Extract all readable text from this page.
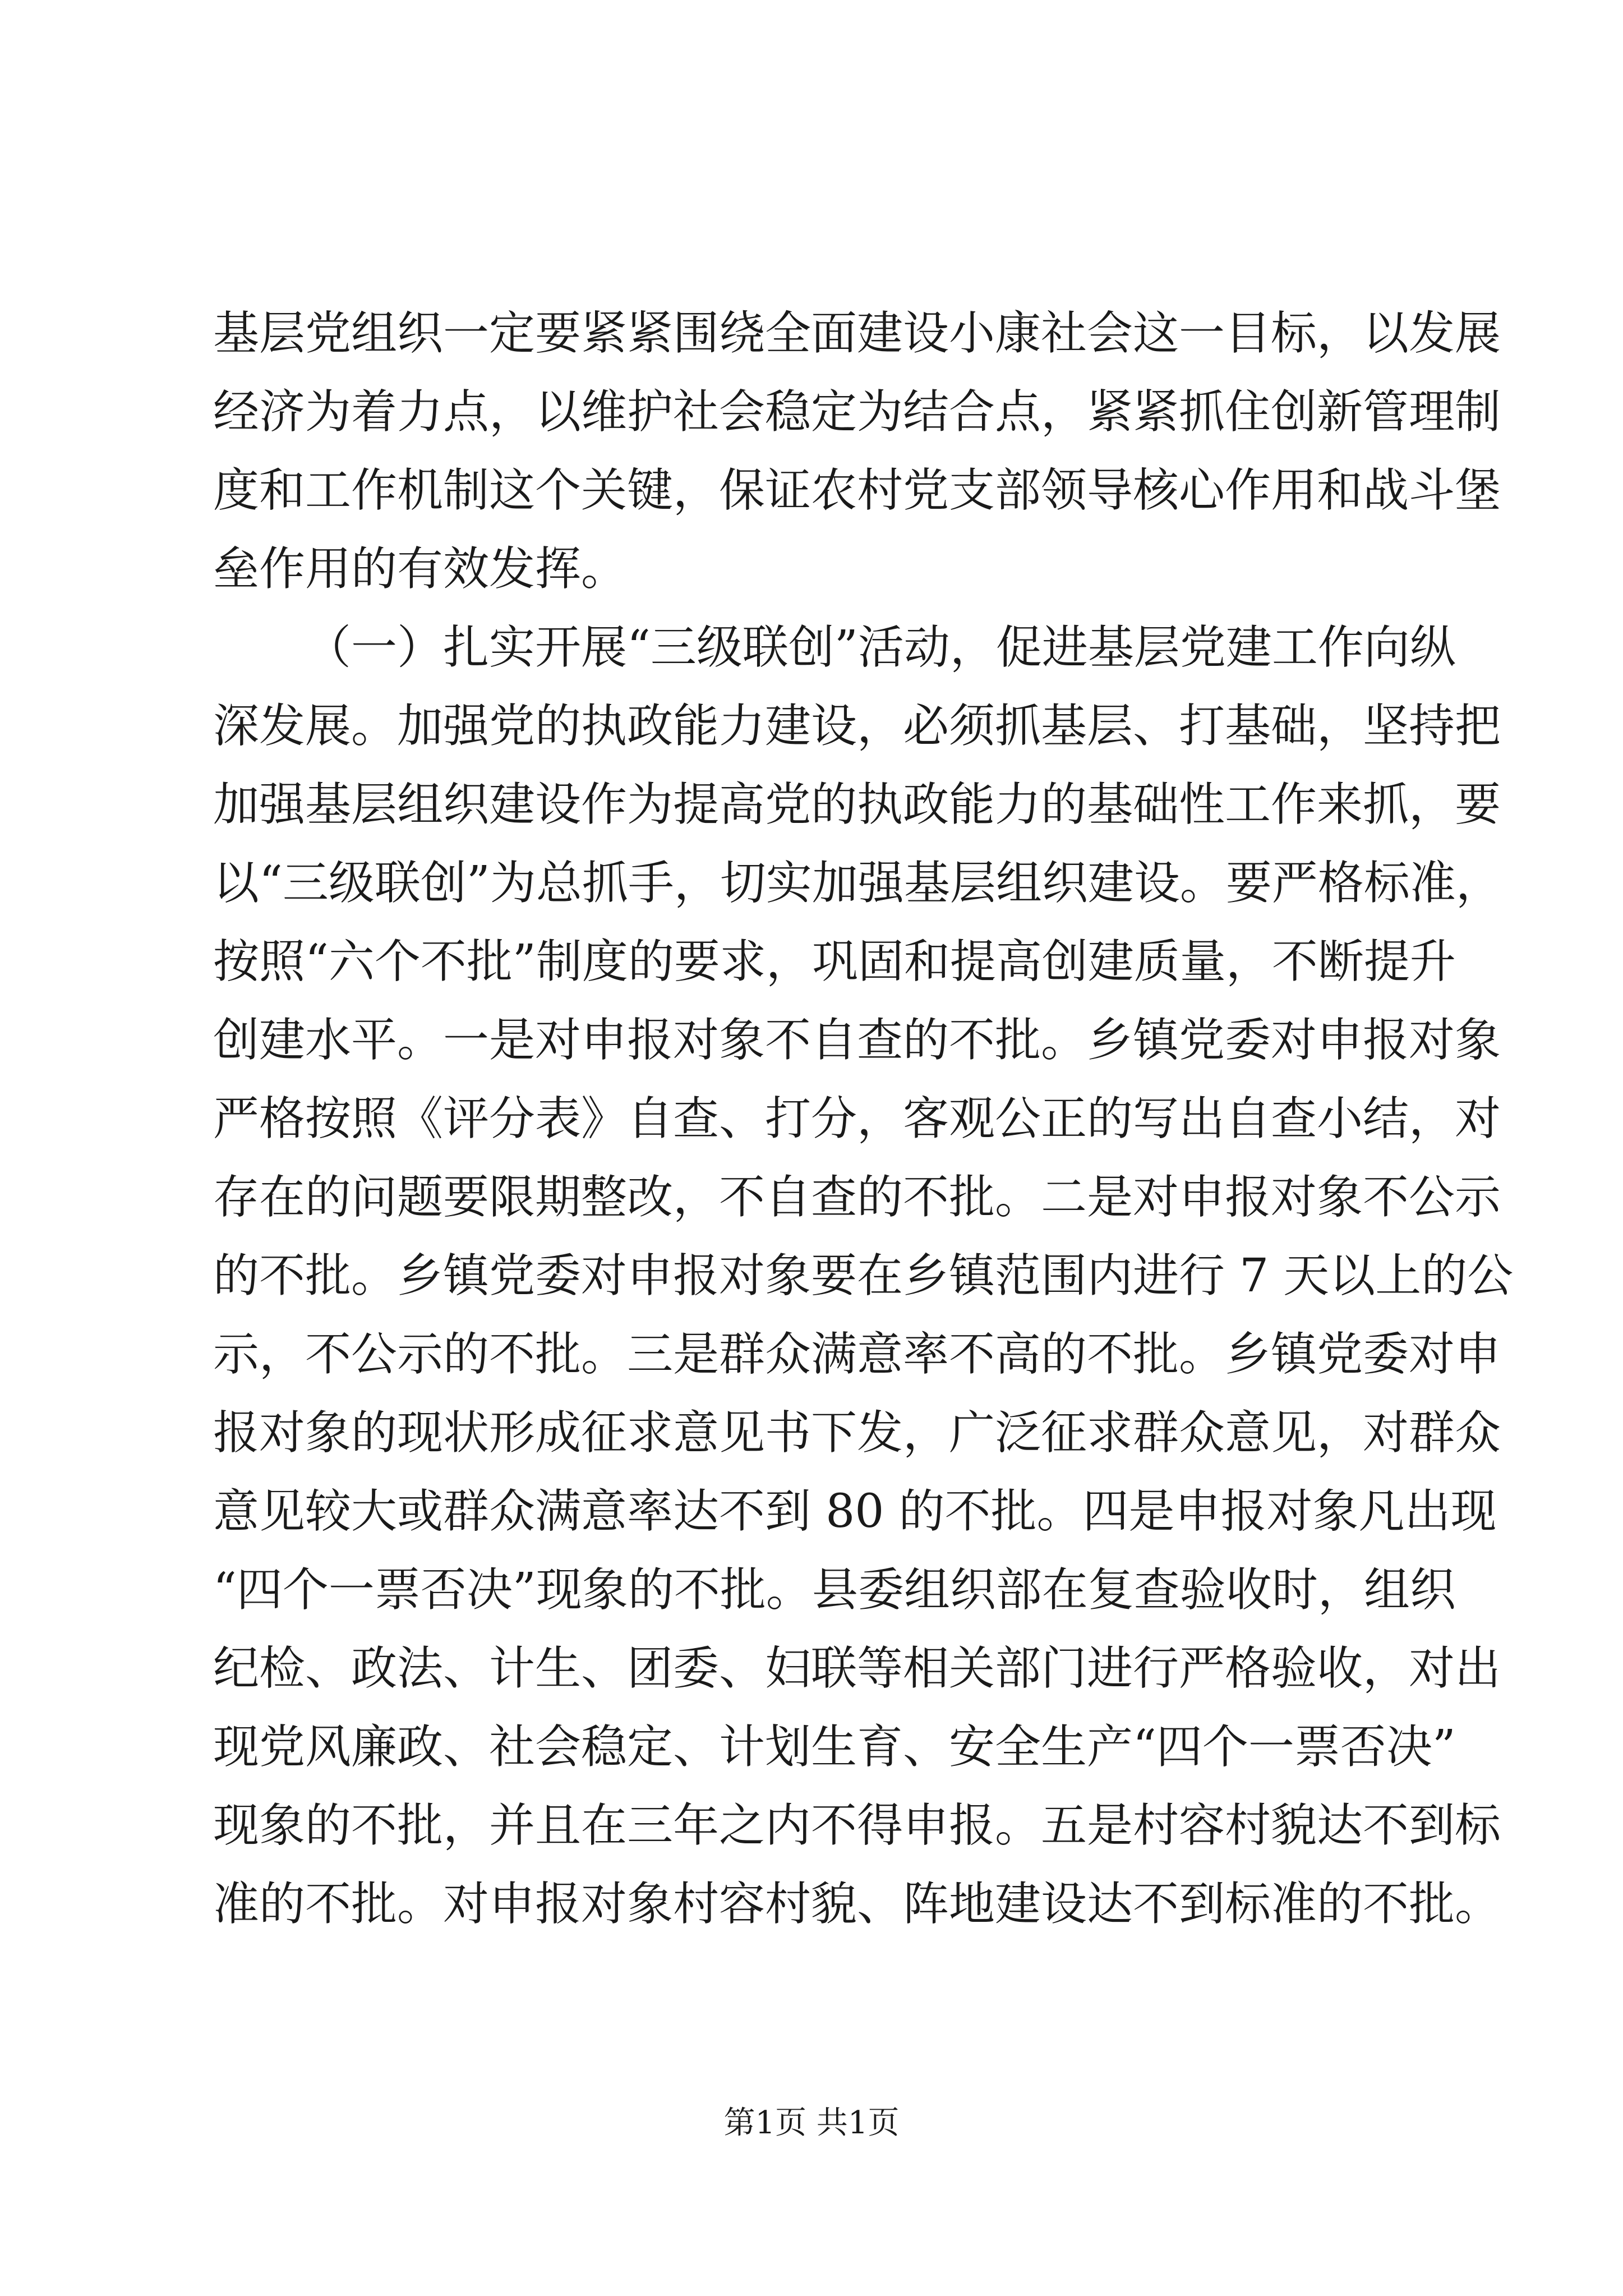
基层党组织一定要紧紧围绕全面建设小康社会这一目标，以发展
经济为着力点，以维护社会稳定为结合点，紧紧抓住创新管理制
度和工作机制这个关键，保证农村党支部领导核心作用和战斗堡
垒作用的有效发挥。

（一）扎实开展“三级联创”活动，促进基层党建工作向纵
深发展。加强党的执政能力建设，必须抓基层、打基础，坚持把
加强基层组织建设作为提高党的执政能力的基础性工作来抓，要
以“三级联创”为总抓手，切实加强基层组织建设。要严格标准，
按照“六个不批”制度的要求，巩固和提高创建质量，不断提升
创建水平。一是对申报对象不自查的不批。乡镇党委对申报对象
严格按照《评分表》自查、打分，客观公正的写出自查小结，对
存在的问题要限期整改，不自查的不批。二是对申报对象不公示
的不批。乡镇党委对申报对象要在乡镇范围内进行 7 天以上的公
示，不公示的不批。三是群众满意率不高的不批。乡镇党委对申
报对象的现状形成征求意见书下发，广泛征求群众意见，对群众
意见较大或群众满意率达不到 80 的不批。四是申报对象凡出现
“四个一票否决”现象的不批。县委组织部在复查验收时，组织
纪检、政法、计生、团委、妇联等相关部门进行严格验收，对出
现党风廉政、社会稳定、计划生育、安全生产“四个一票否决”
现象的不批，并且在三年之内不得申报。五是村容村貌达不到标
准的不批。对申报对象村容村貌、阵地建设达不到标准的不批。

第1页 共1页
